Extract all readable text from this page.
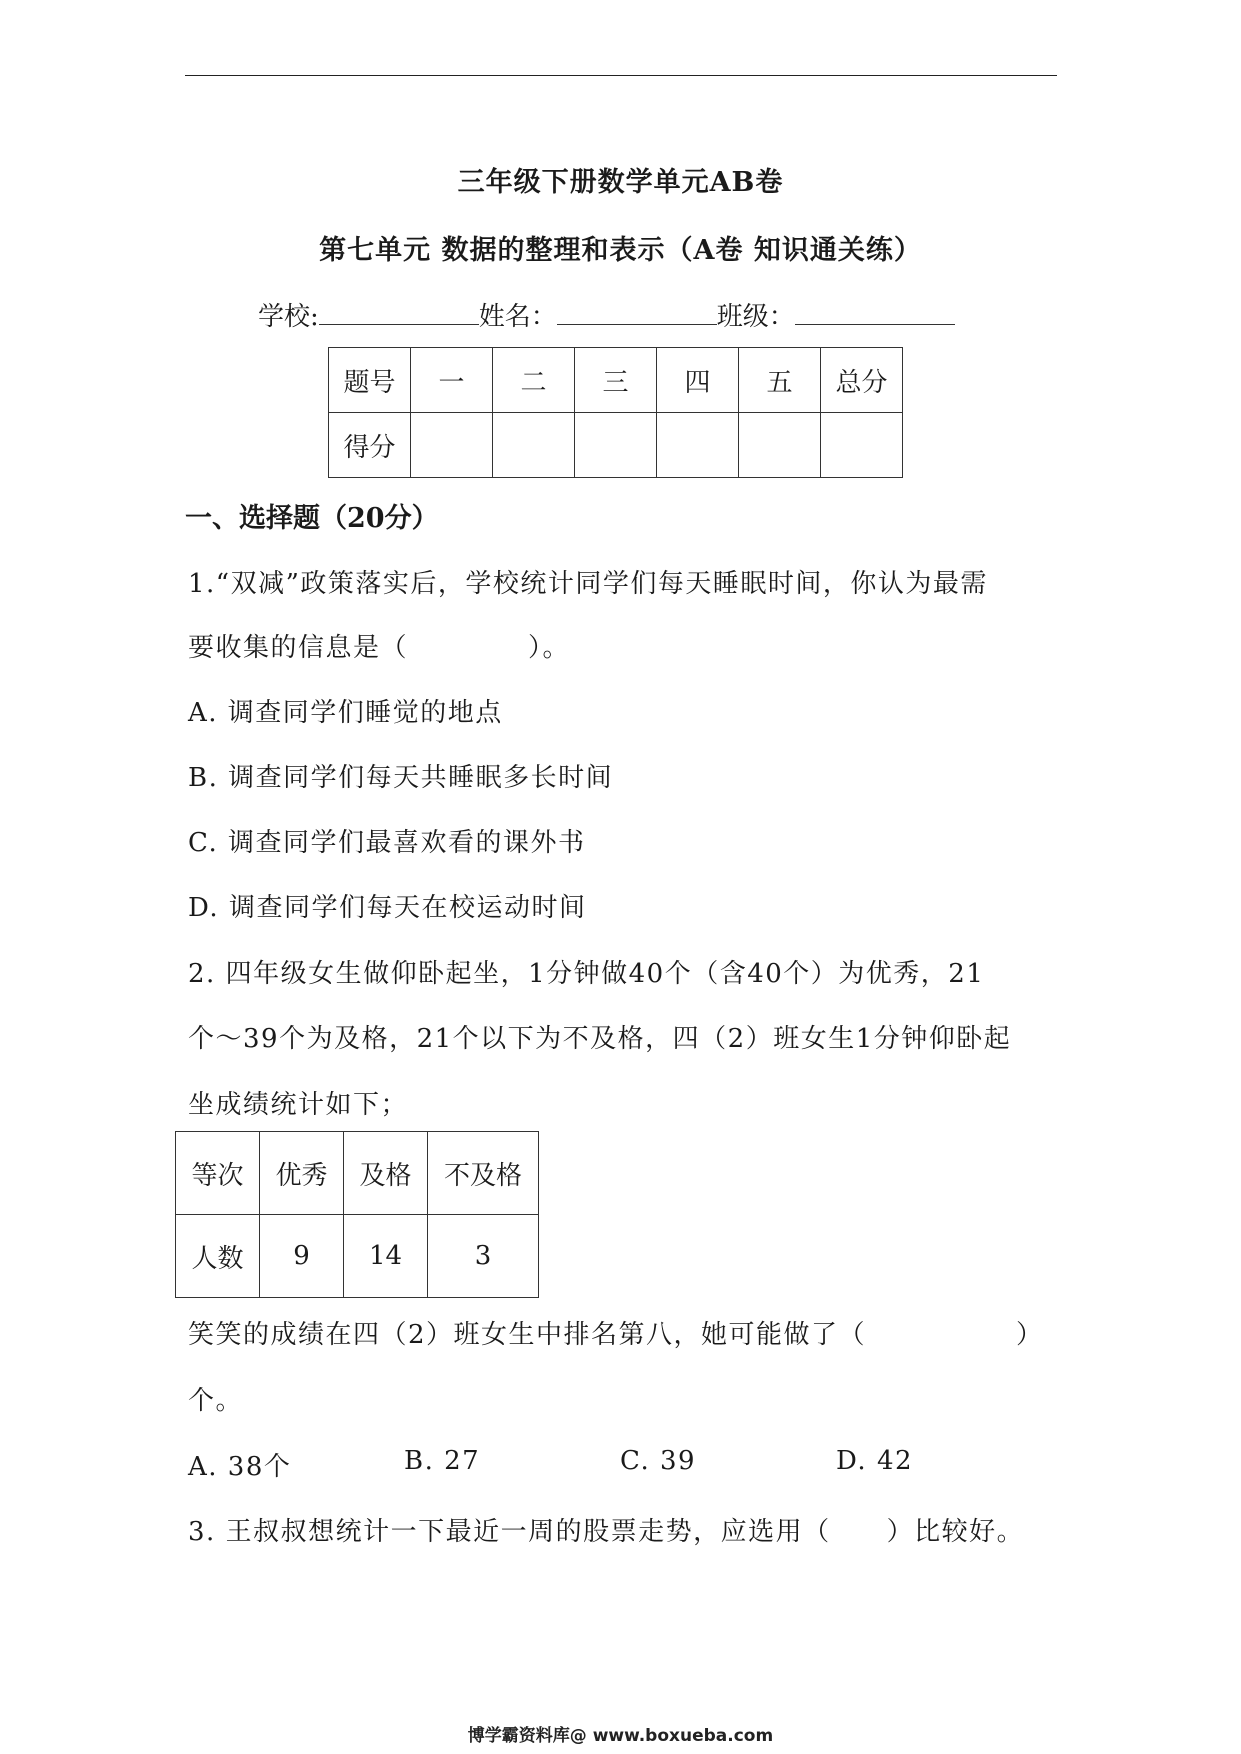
三年级下册数学单元AB卷
第七单元 数据的整理和表示（A卷 知识通关练）
学校:	姓名：	班级：
题号	一	二	三	四	五	总分
得分						
一、选择题（20分）
1.“双减”政策落实后，学校统计同学们每天睡眠时间，你认为最需
要收集的信息是（	）。
A. 调查同学们睡觉的地点
B. 调查同学们每天共睡眠多长时间
C. 调查同学们最喜欢看的课外书
D. 调查同学们每天在校运动时间
2. 四年级女生做仰卧起坐，1分钟做40个（含40个）为优秀，21
个～39个为及格，21个以下为不及格，四（2）班女生1分钟仰卧起
坐成绩统计如下；
等次	优秀	及格	不及格
人数	9	14	3
笑笑的成绩在四（2）班女生中排名第八，她可能做了（	）
个。
A. 38个	B. 27	C. 39	D. 42
3. 王叔叔想统计一下最近一周的股票走势，应选用（ ）比较好。
博学霸资料库@ www.boxueba.com
